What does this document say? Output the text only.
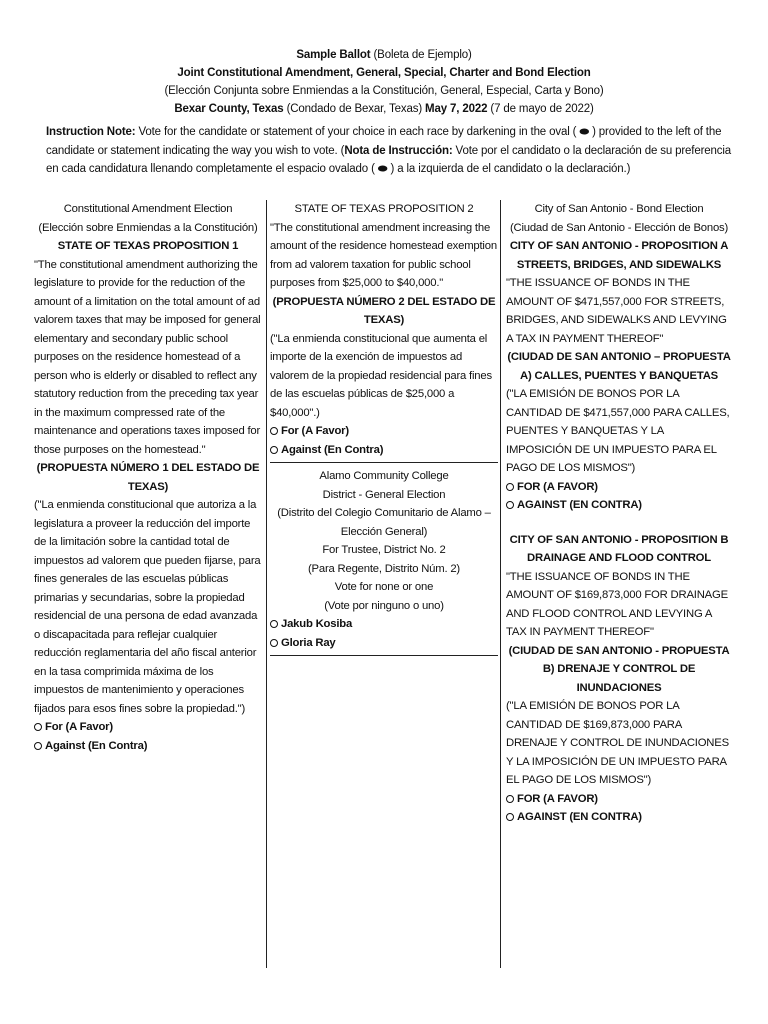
Sample Ballot (Boleta de Ejemplo)
Joint Constitutional Amendment, General, Special, Charter and Bond Election
(Elección Conjunta sobre Enmiendas a la Constitución, General, Especial, Carta y Bono)
Bexar County, Texas (Condado de Bexar, Texas) May 7, 2022 (7 de mayo de 2022)
Instruction Note: Vote for the candidate or statement of your choice in each race by darkening in the oval ( ⬬ ) provided to the left of the candidate or statement indicating the way you wish to vote. (Nota de Instrucción: Vote por el candidato o la declaración de su preferencia en cada candidatura llenando completamente el espacio ovalado ( ⬬ ) a la izquierda de el candidato o la declaración.)
Constitutional Amendment Election
(Elección sobre Enmiendas a la Constitución)
STATE OF TEXAS PROPOSITION 1
"The constitutional amendment authorizing the legislature to provide for the reduction of the amount of a limitation on the total amount of ad valorem taxes that may be imposed for general elementary and secondary public school purposes on the residence homestead of a person who is elderly or disabled to reflect any statutory reduction from the preceding tax year in the maximum compressed rate of the maintenance and operations taxes imposed for those purposes on the homestead."
(PROPUESTA NÚMERO 1 DEL ESTADO DE TEXAS)
("La enmienda constitucional que autoriza a la legislatura a proveer la reducción del importe de la limitación sobre la cantidad total de impuestos ad valorem que pueden fijarse, para fines generales de las escuelas públicas primarias y secundarias, sobre la propiedad residencial de una persona de edad avanzada o discapacitada para reflejar cualquier reducción reglamentaria del año fiscal anterior en la tasa comprimida máxima de los impuestos de mantenimiento y operaciones fijados para esos fines sobre la propiedad.")
For (A Favor)
Against (En Contra)
STATE OF TEXAS PROPOSITION 2
"The constitutional amendment increasing the amount of the residence homestead exemption from ad valorem taxation for public school purposes from $25,000 to $40,000."
(PROPUESTA NÚMERO 2 DEL ESTADO DE TEXAS)
("La enmienda constitucional que aumenta el importe de la exención de impuestos ad valorem de la propiedad residencial para fines de las escuelas públicas de $25,000 a $40,000".)
For (A Favor)
Against (En Contra)
Alamo Community College
District - General Election
(Distrito del Colegio Comunitario de Alamo – Elección General)
For Trustee, District No. 2
(Para Regente, Distrito Núm. 2)
Vote for none or one
(Vote por ninguno o uno)
Jakub Kosiba
Gloria Ray
City of San Antonio - Bond Election
(Ciudad de San Antonio - Elección de Bonos)
CITY OF SAN ANTONIO - PROPOSITION A STREETS, BRIDGES, AND SIDEWALKS
"THE ISSUANCE OF BONDS IN THE AMOUNT OF $471,557,000 FOR STREETS, BRIDGES, AND SIDEWALKS AND LEVYING A TAX IN PAYMENT THEREOF"
(CIUDAD DE SAN ANTONIO – PROPUESTA A) CALLES, PUENTES Y BANQUETAS
("LA EMISIÓN DE BONOS POR LA CANTIDAD DE $471,557,000 PARA CALLES, PUENTES Y BANQUETAS Y LA IMPOSICIÓN DE UN IMPUESTO PARA EL PAGO DE LOS MISMOS")
FOR (A FAVOR)
AGAINST (EN CONTRA)
CITY OF SAN ANTONIO - PROPOSITION B DRAINAGE AND FLOOD CONTROL
"THE ISSUANCE OF BONDS IN THE AMOUNT OF $169,873,000 FOR DRAINAGE AND FLOOD CONTROL AND LEVYING A TAX IN PAYMENT THEREOF"
(CIUDAD DE SAN ANTONIO - PROPUESTA B) DRENAJE Y CONTROL DE INUNDACIONES
("LA EMISIÓN DE BONOS POR LA CANTIDAD DE $169,873,000 PARA DRENAJE Y CONTROL DE INUNDACIONES Y LA IMPOSICIÓN DE UN IMPUESTO PARA EL PAGO DE LOS MISMOS")
FOR (A FAVOR)
AGAINST (EN CONTRA)
